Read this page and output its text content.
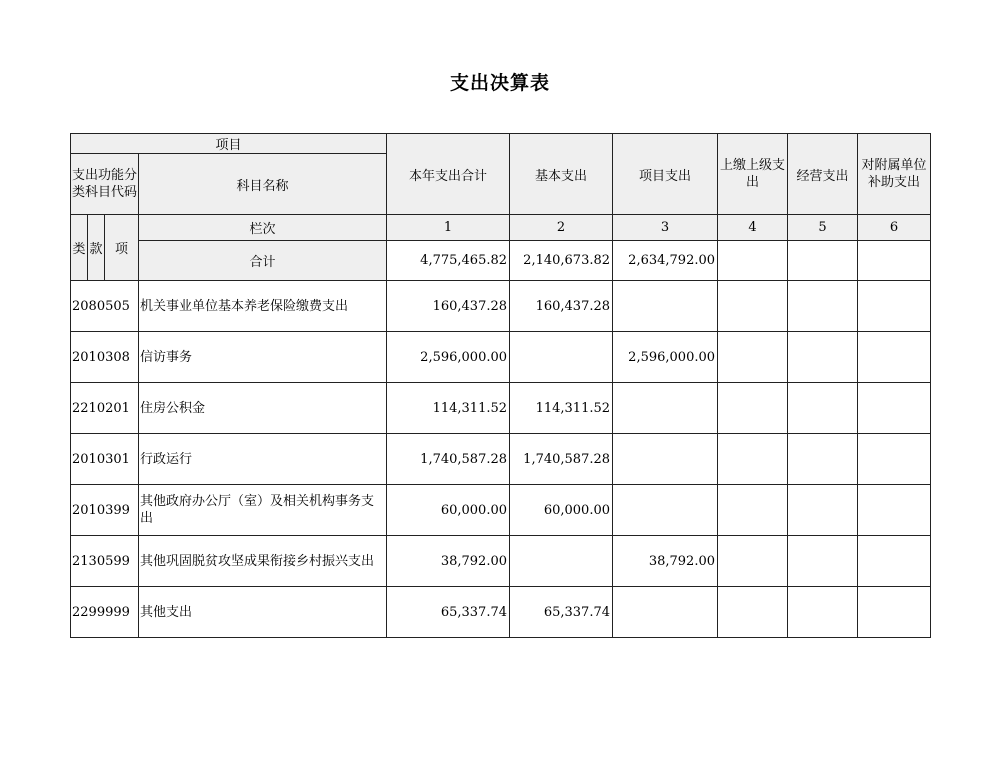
支出决算表
项目				本年支出合计	基本支出	项目支出	上缴上级支出	经营支出	对附属单位补助支出
支出功能分类科目代码			科目名称						
类	款	项	栏次	1	2	3	4	5	6
			合计	4,775,465.82	2,140,673.82	2,634,792.00			
2080505			机关事业单位基本养老保险缴费支出	160,437.28	160,437.28				
2010308			信访事务	2,596,000.00		2,596,000.00			
2210201			住房公积金	114,311.52	114,311.52				
2010301			行政运行	1,740,587.28	1,740,587.28				
2010399			其他政府办公厅（室）及相关机构事务支出	60,000.00	60,000.00				
2130599			其他巩固脱贫攻坚成果衔接乡村振兴支出	38,792.00		38,792.00			
2299999			其他支出	65,337.74	65,337.74				
